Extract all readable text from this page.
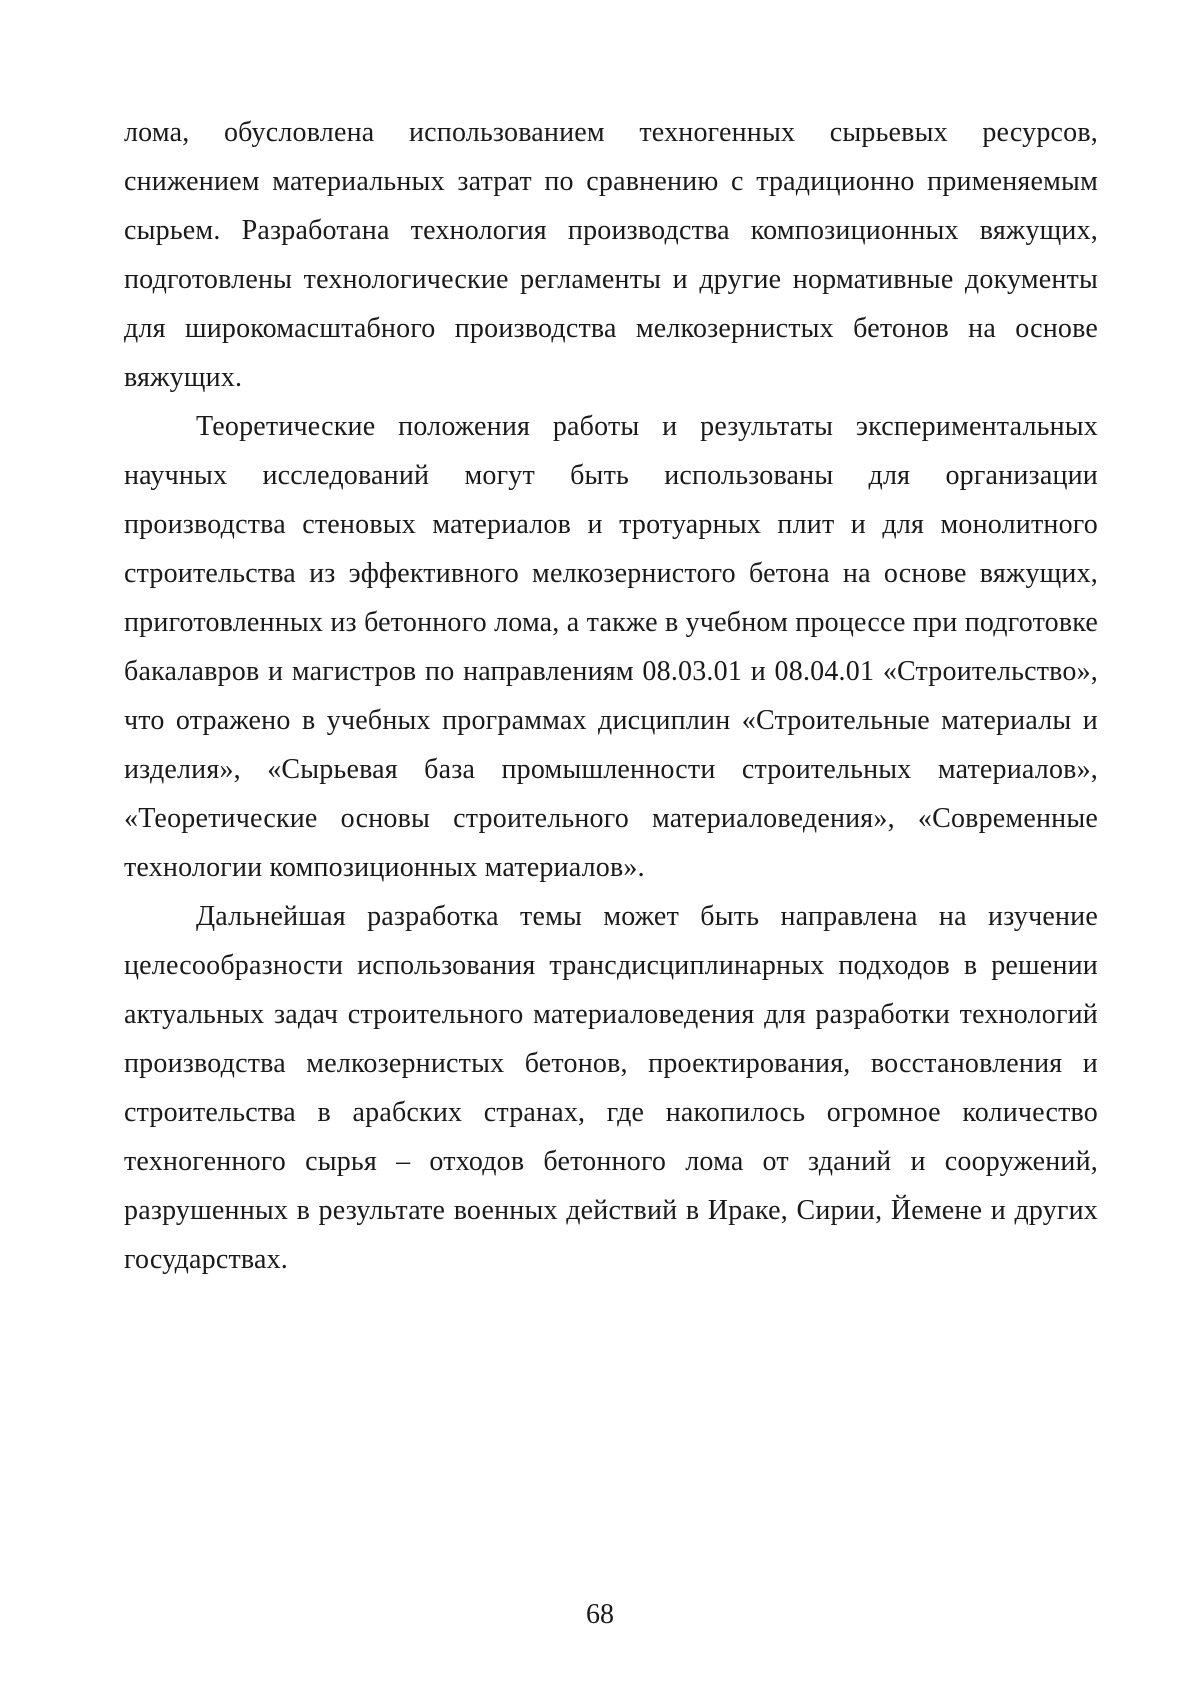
лома, обусловлена использованием техногенных сырьевых ресурсов, снижением материальных затрат по сравнению с традиционно применяемым сырьем. Разработана технология производства композиционных вяжущих, подготовлены технологические регламенты и другие нормативные документы для широкомасштабного производства мелкозернистых бетонов на основе вяжущих.

Теоретические положения работы и результаты экспериментальных научных исследований могут быть использованы для организации производства стеновых материалов и тротуарных плит и для монолитного строительства из эффективного мелкозернистого бетона на основе вяжущих, приготовленных из бетонного лома, а также в учебном процессе при подготовке бакалавров и магистров по направлениям 08.03.01 и 08.04.01 «Строительство», что отражено в учебных программах дисциплин «Строительные материалы и изделия», «Сырьевая база промышленности строительных материалов», «Теоретические основы строительного материаловедения», «Современные технологии композиционных материалов».

Дальнейшая разработка темы может быть направлена на изучение целесообразности использования трансдисциплинарных подходов в решении актуальных задач строительного материаловедения для разработки технологий производства мелкозернистых бетонов, проектирования, восстановления и строительства в арабских странах, где накопилось огромное количество техногенного сырья – отходов бетонного лома от зданий и сооружений, разрушенных в результате военных действий в Ираке, Сирии, Йемене и других государствах.

68
